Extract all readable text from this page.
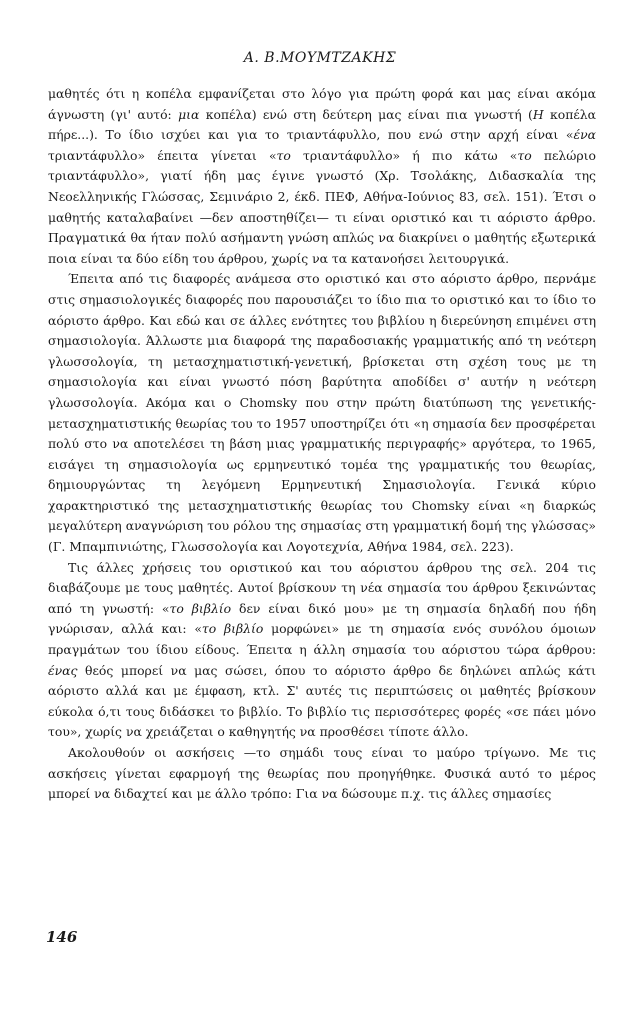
Α. Β.ΜΟΥΜΤΖΑΚΗΣ

μαθητές ότι η κοπέλα εμφανίζεται στο λόγο για πρώτη φορά και μας είναι ακόμα άγνωστη (γι' αυτό: μια κοπέλα) ενώ στη δεύτερη μας είναι πια γνωστή (Η κοπέλα πήρε...). Το ίδιο ισχύει και για το τριαντάφυλλο, που ενώ στην αρχή είναι «ένα τριαντάφυλλο» έπειτα γίνεται «το τριαντάφυλλο» ή πιο κάτω «το πελώριο τριαντάφυλλο», γιατί ήδη μας έγινε γνωστό (Χρ. Τσολάκης, Διδασκαλία της Νεοελληνικής Γλώσσας, Σεμινάριο 2, έκδ. ΠΕΦ, Αθήνα-Ιούνιος 83, σελ. 151). Έτσι ο μαθητής καταλαβαίνει —δεν αποστηθίζει— τι είναι οριστικό και τι αόριστο άρθρο. Πραγματικά θα ήταν πολύ ασήμαντη γνώση απλώς να διακρίνει ο μαθητής εξωτερικά ποια είναι τα δύο είδη του άρθρου, χωρίς να τα κατανοήσει λειτουργικά.

Έπειτα από τις διαφορές ανάμεσα στο οριστικό και στο αόριστο άρθρο, περνάμε στις σημασιολογικές διαφορές που παρουσιάζει το ίδιο πια το οριστικό και το ίδιο το αόριστο άρθρο. Και εδώ και σε άλλες ενότητες του βιβλίου η διερεύνηση επιμένει στη σημασιολογία. Άλλωστε μια διαφορά της παραδοσιακής γραμματικής από τη νεότερη γλωσσολογία, τη μετασχηματιστική-γενετική, βρίσκεται στη σχέση τους με τη σημασιολογία και είναι γνωστό πόση βαρύτητα αποδίδει σ' αυτήν η νεότερη γλωσσολογία. Ακόμα και ο Chomsky που στην πρώτη διατύπωση της γενετικής-μετασχηματιστικής θεωρίας του το 1957 υποστηρίζει ότι «η σημασία δεν προσφέρεται πολύ στο να αποτελέσει τη βάση μιας γραμματικής περιγραφής» αργότερα, το 1965, εισάγει τη σημασιολογία ως ερμηνευτικό τομέα της γραμματικής του θεωρίας, δημιουργώντας τη λεγόμενη Ερμηνευτική Σημασιολογία. Γενικά κύριο χαρακτηριστικό της μετασχηματιστικής θεωρίας του Chomsky είναι «η διαρκώς μεγαλύτερη αναγνώριση του ρόλου της σημασίας στη γραμματική δομή της γλώσσας» (Γ. Μπαμπινιώτης, Γλωσσολογία και Λογοτεχνία, Αθήνα 1984, σελ. 223).

Τις άλλες χρήσεις του οριστικού και του αόριστου άρθρου της σελ. 204 τις διαβάζουμε με τους μαθητές. Αυτοί βρίσκουν τη νέα σημασία του άρθρου ξεκινώντας από τη γνωστή: «το βιβλίο δεν είναι δικό μου» με τη σημασία δηλαδή που ήδη γνώρισαν, αλλά και: «το βιβλίο μορφώνει» με τη σημασία ενός συνόλου όμοιων πραγμάτων του ίδιου είδους. Έπειτα η άλλη σημασία του αόριστου τώρα άρθρου: ένας θεός μπορεί να μας σώσει, όπου το αόριστο άρθρο δε δηλώνει απλώς κάτι αόριστο αλλά και με έμφαση, κτλ. Σ' αυτές τις περιπτώσεις οι μαθητές βρίσκουν εύκολα ό,τι τους διδάσκει το βιβλίο. Το βιβλίο τις περισσότερες φορές «σε πάει μόνο του», χωρίς να χρειάζεται ο καθηγητής να προσθέσει τίποτε άλλο.

Ακολουθούν οι ασκήσεις —το σημάδι τους είναι το μαύρο τρίγωνο. Με τις ασκήσεις γίνεται εφαρμογή της θεωρίας που προηγήθηκε. Φυσικά αυτό το μέρος μπορεί να διδαχτεί και με άλλο τρόπο: Για να δώσουμε π.χ. τις άλλες σημασίες

146
